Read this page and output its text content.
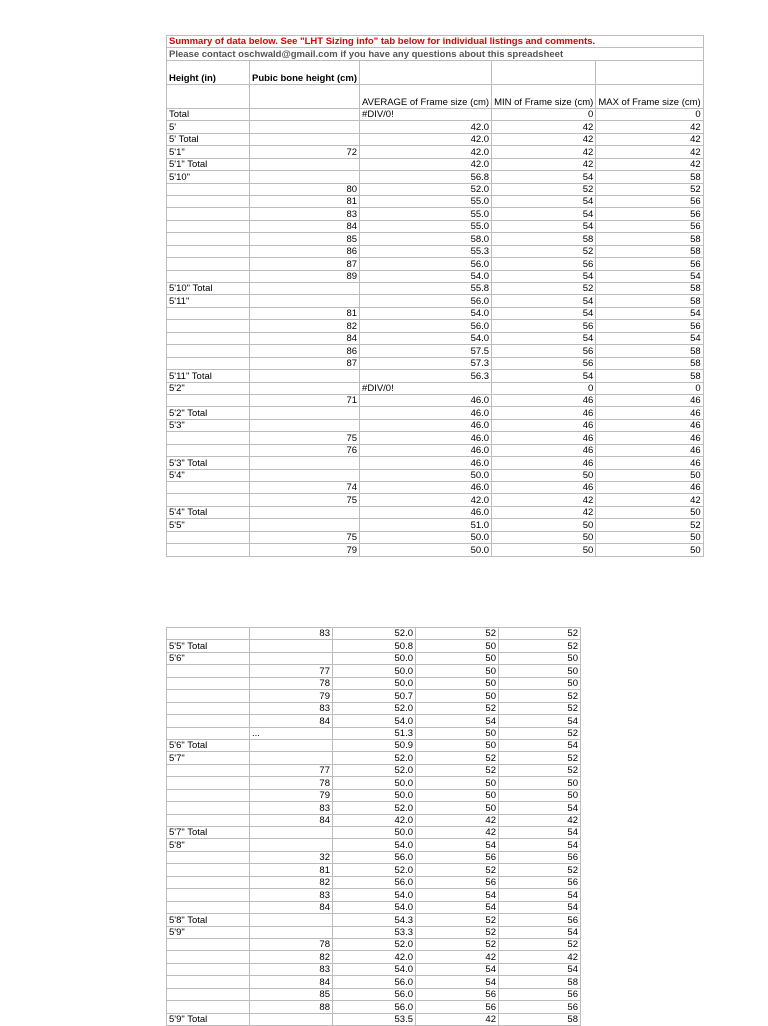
Summary of data below. See "LHT Sizing info" tab below for individual listings and comments.				
Please contact oschwald@gmail.com if you have any questions about this spreadsheet				
Height (in)	Pubic bone height (cm)			
		AVERAGE of Frame size (cm)	MIN of Frame size (cm)	MAX of Frame size (cm)
Total		#DIV/0!	0	0
5'		42.0	42	42
5' Total		42.0	42	42
5'1"	72	42.0	42	42
5'1" Total		42.0	42	42
5'10"		56.8	54	58
	80	52.0	52	52
	81	55.0	54	56
	83	55.0	54	56
	84	55.0	54	56
	85	58.0	58	58
	86	55.3	52	58
	87	56.0	56	56
	89	54.0	54	54
5'10" Total		55.8	52	58
5'11"		56.0	54	58
	81	54.0	54	54
	82	56.0	56	56
	84	54.0	54	54
	86	57.5	56	58
	87	57.3	56	58
5'11" Total		56.3	54	58
5'2"		#DIV/0!	0	0
	71	46.0	46	46
5'2" Total		46.0	46	46
5'3"		46.0	46	46
	75	46.0	46	46
	76	46.0	46	46
5'3" Total		46.0	46	46
5'4"		50.0	50	50
	74	46.0	46	46
	75	42.0	42	42
5'4" Total		46.0	42	50
5'5"		51.0	50	52
	75	50.0	50	50
	79	50.0	50	50
	83	52.0	52	52
5'5" Total		50.8	50	52
5'6"		50.0	50	50
	77	50.0	50	50
	78	50.0	50	50
	79	50.7	50	52
	83	52.0	52	52
	84	54.0	54	54
	...	51.3	50	52
5'6" Total		50.9	50	54
5'7"		52.0	52	52
	77	52.0	52	52
	78	50.0	50	50
	79	50.0	50	50
	83	52.0	50	54
	84	42.0	42	42
5'7" Total		50.0	42	54
5'8"		54.0	54	54
	32	56.0	56	56
	81	52.0	52	52
	82	56.0	56	56
	83	54.0	54	54
	84	54.0	54	54
5'8" Total		54.3	52	56
5'9"		53.3	52	54
	78	52.0	52	52
	82	42.0	42	42
	83	54.0	54	54
	84	56.0	54	58
	85	56.0	56	56
	88	56.0	56	56
5'9" Total		53.5	42	58
